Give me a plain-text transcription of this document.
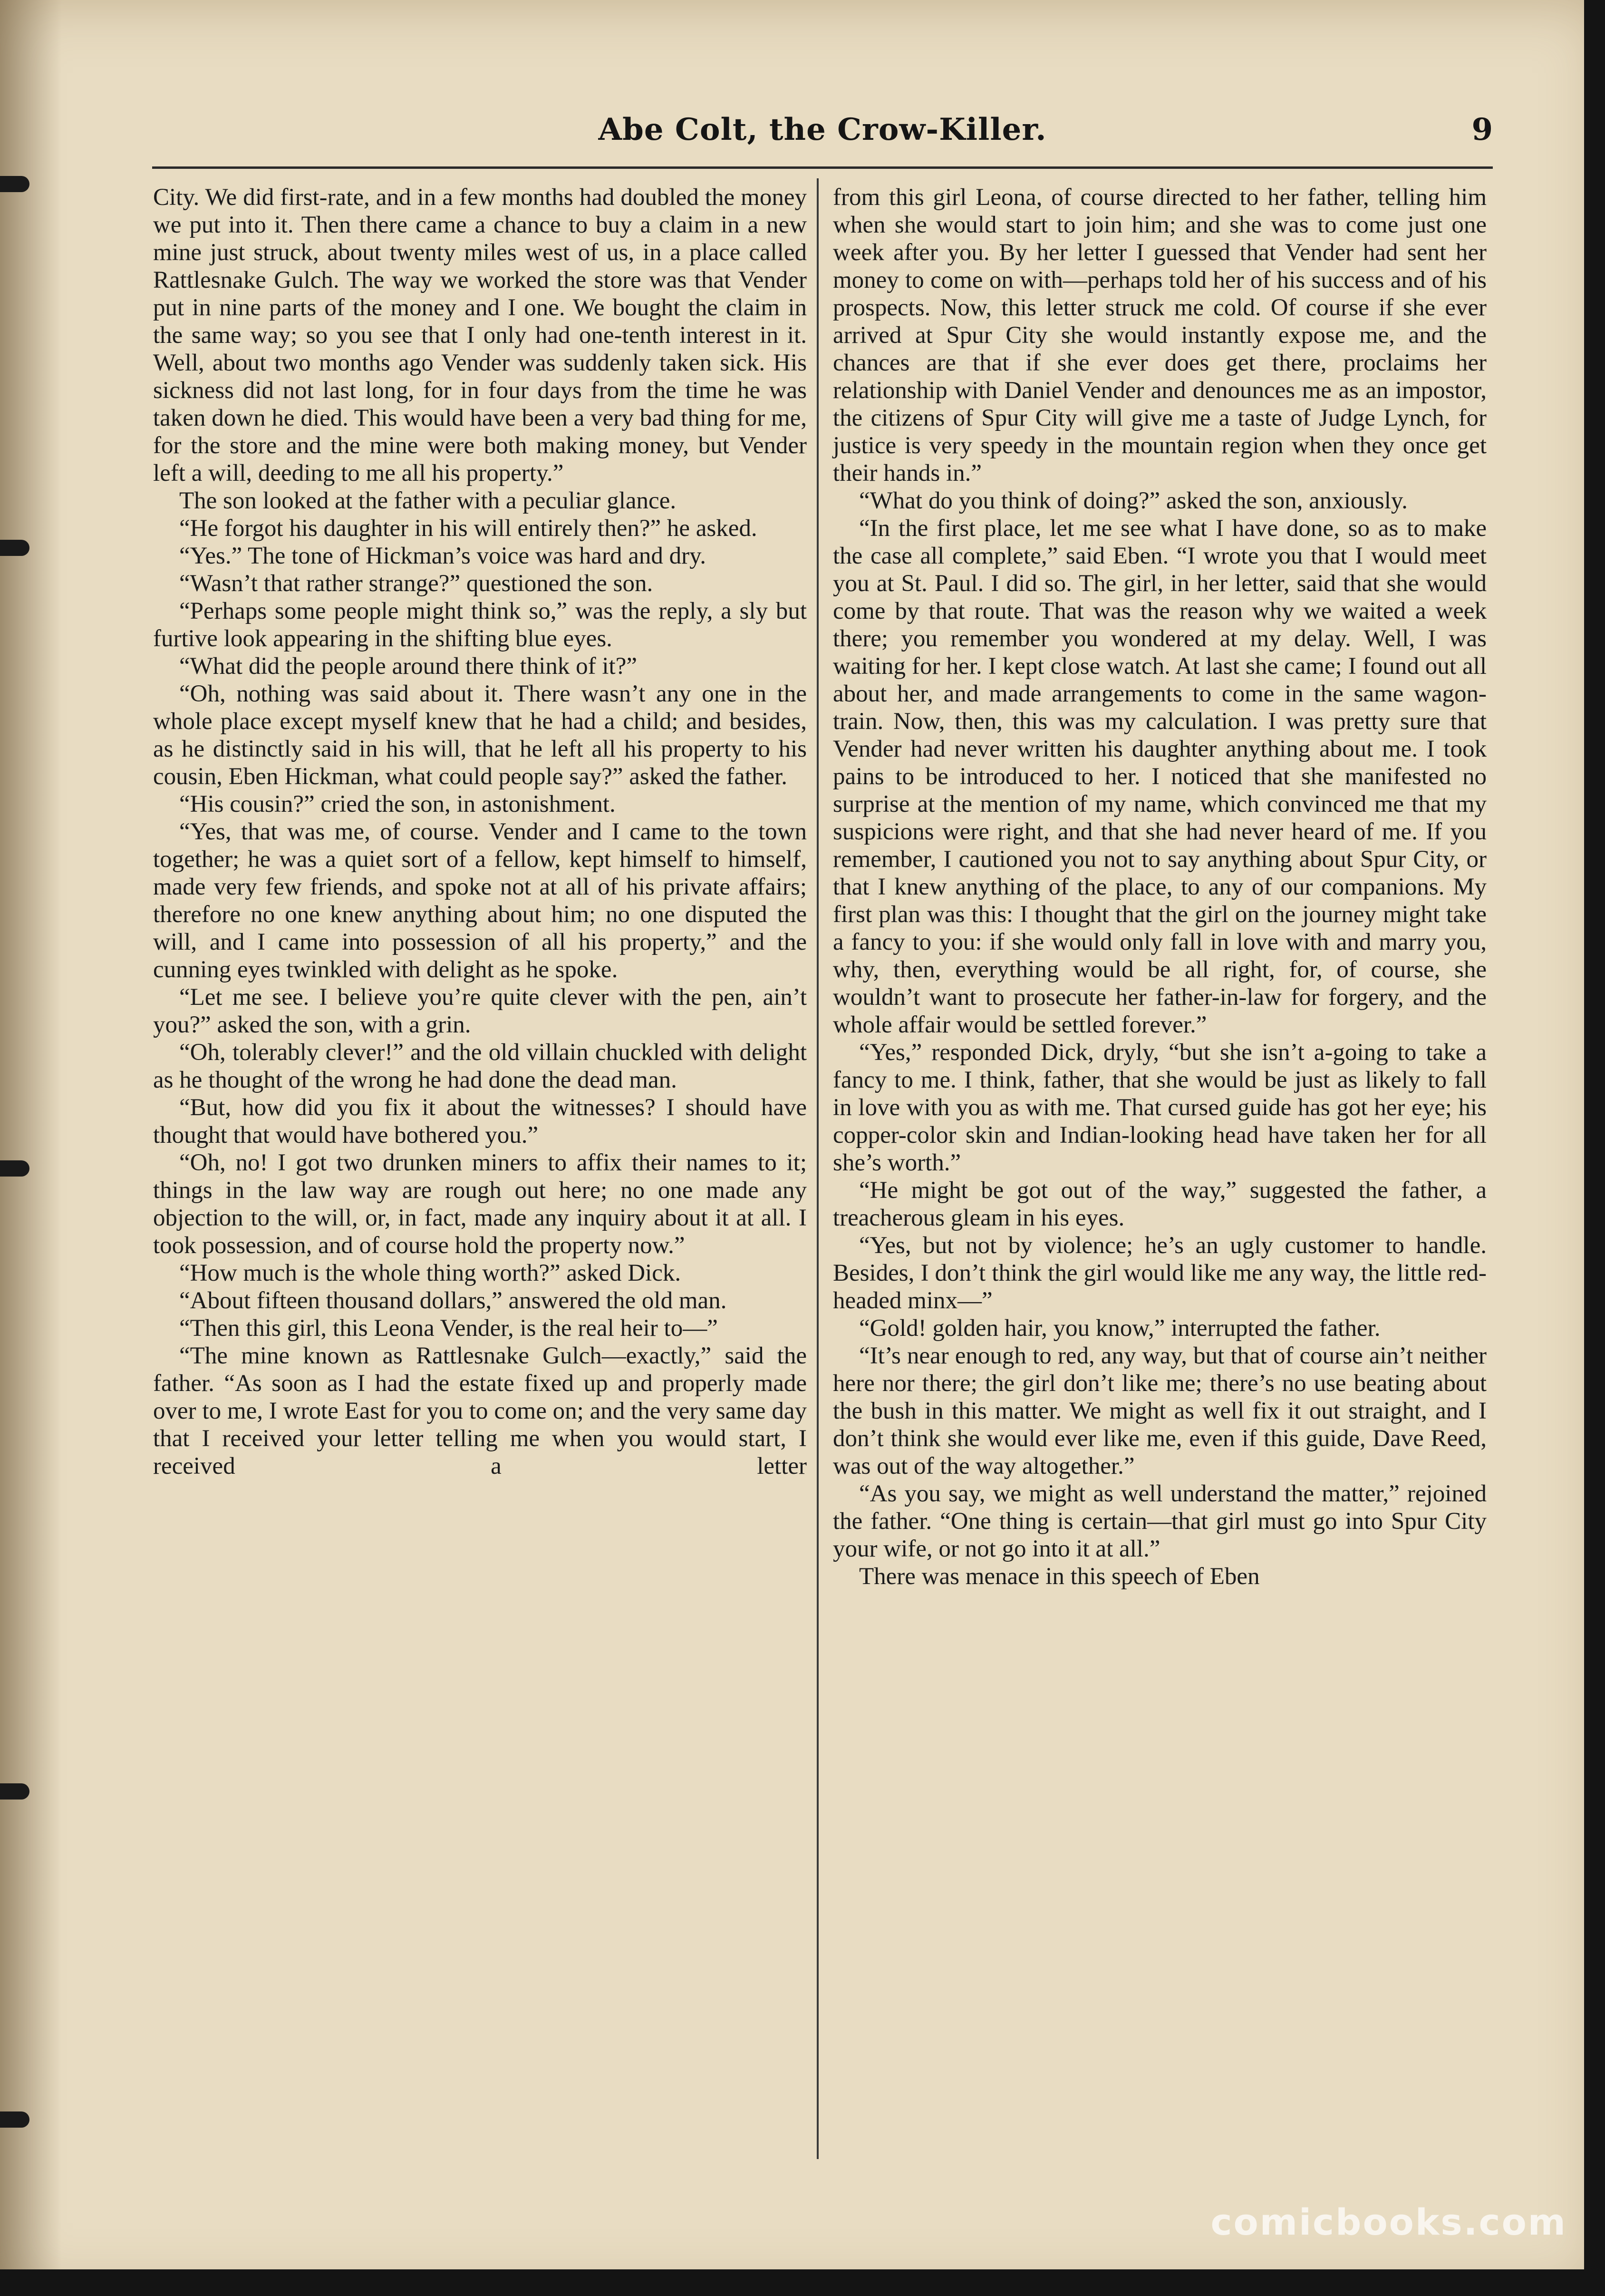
Abe Colt, the Crow-Killer.	9

City. We did first-rate, and in a few months had doubled the money we put into it. Then there came a chance to buy a claim in a new mine just struck, about twenty miles west of us, in a place called Rattlesnake Gulch. The way we worked the store was that Vender put in nine parts of the money and I one. We bought the claim in the same way; so you see that I only had one-tenth interest in it. Well, about two months ago Vender was suddenly taken sick. His sickness did not last long, for in four days from the time he was taken down he died. This would have been a very bad thing for me, for the store and the mine were both making money, but Vender left a will, deeding to me all his property.”

The son looked at the father with a peculiar glance.

“He forgot his daughter in his will entirely then?” he asked.

“Yes.” The tone of Hickman’s voice was hard and dry.

“Wasn’t that rather strange?” questioned the son.

“Perhaps some people might think so,” was the reply, a sly but furtive look appearing in the shifting blue eyes.

“What did the people around there think of it?”

“Oh, nothing was said about it. There wasn’t any one in the whole place except myself knew that he had a child; and besides, as he distinctly said in his will, that he left all his property to his cousin, Eben Hickman, what could people say?” asked the father.

“His cousin?” cried the son, in astonishment.

“Yes, that was me, of course. Vender and I came to the town together; he was a quiet sort of a fellow, kept himself to himself, made very few friends, and spoke not at all of his private affairs; therefore no one knew anything about him; no one disputed the will, and I came into possession of all his property,” and the cunning eyes twinkled with delight as he spoke.

“Let me see. I believe you’re quite clever with the pen, ain’t you?” asked the son, with a grin.

“Oh, tolerably clever!” and the old villain chuckled with delight as he thought of the wrong he had done the dead man.

“But, how did you fix it about the witnesses? I should have thought that would have bothered you.”

“Oh, no! I got two drunken miners to affix their names to it; things in the law way are rough out here; no one made any objection to the will, or, in fact, made any inquiry about it at all. I took possession, and of course hold the property now.”

“How much is the whole thing worth?” asked Dick.

“About fifteen thousand dollars,” answered the old man.

“Then this girl, this Leona Vender, is the real heir to—”

“The mine known as Rattlesnake Gulch—exactly,” said the father. “As soon as I had the estate fixed up and properly made over to me, I wrote East for you to come on; and the very same day that I received your letter telling me when you would start, I received a letter

from this girl Leona, of course directed to her father, telling him when she would start to join him; and she was to come just one week after you. By her letter I guessed that Vender had sent her money to come on with—perhaps told her of his success and of his prospects. Now, this letter struck me cold. Of course if she ever arrived at Spur City she would instantly expose me, and the chances are that if she ever does get there, proclaims her relationship with Daniel Vender and denounces me as an impostor, the citizens of Spur City will give me a taste of Judge Lynch, for justice is very speedy in the mountain region when they once get their hands in.”

“What do you think of doing?” asked the son, anxiously.

“In the first place, let me see what I have done, so as to make the case all complete,” said Eben. “I wrote you that I would meet you at St. Paul. I did so. The girl, in her letter, said that she would come by that route. That was the reason why we waited a week there; you remember you wondered at my delay. Well, I was waiting for her. I kept close watch. At last she came; I found out all about her, and made arrangements to come in the same wagon-train. Now, then, this was my calculation. I was pretty sure that Vender had never written his daughter anything about me. I took pains to be introduced to her. I noticed that she manifested no surprise at the mention of my name, which convinced me that my suspicions were right, and that she had never heard of me. If you remember, I cautioned you not to say anything about Spur City, or that I knew anything of the place, to any of our companions. My first plan was this: I thought that the girl on the journey might take a fancy to you: if she would only fall in love with and marry you, why, then, everything would be all right, for, of course, she wouldn’t want to prosecute her father-in-law for forgery, and the whole affair would be settled forever.”

“Yes,” responded Dick, dryly, “but she isn’t a-going to take a fancy to me. I think, father, that she would be just as likely to fall in love with you as with me. That cursed guide has got her eye; his copper-color skin and Indian-looking head have taken her for all she’s worth.”

“He might be got out of the way,” suggested the father, a treacherous gleam in his eyes.

“Yes, but not by violence; he’s an ugly customer to handle. Besides, I don’t think the girl would like me any way, the little red-headed minx—”

“Gold! golden hair, you know,” interrupted the father.

“It’s near enough to red, any way, but that of course ain’t neither here nor there; the girl don’t like me; there’s no use beating about the bush in this matter. We might as well fix it out straight, and I don’t think she would ever like me, even if this guide, Dave Reed, was out of the way altogether.”

“As you say, we might as well understand the matter,” rejoined the father. “One thing is certain—that girl must go into Spur City your wife, or not go into it at all.”

There was menace in this speech of Eben

comicbooks.com
